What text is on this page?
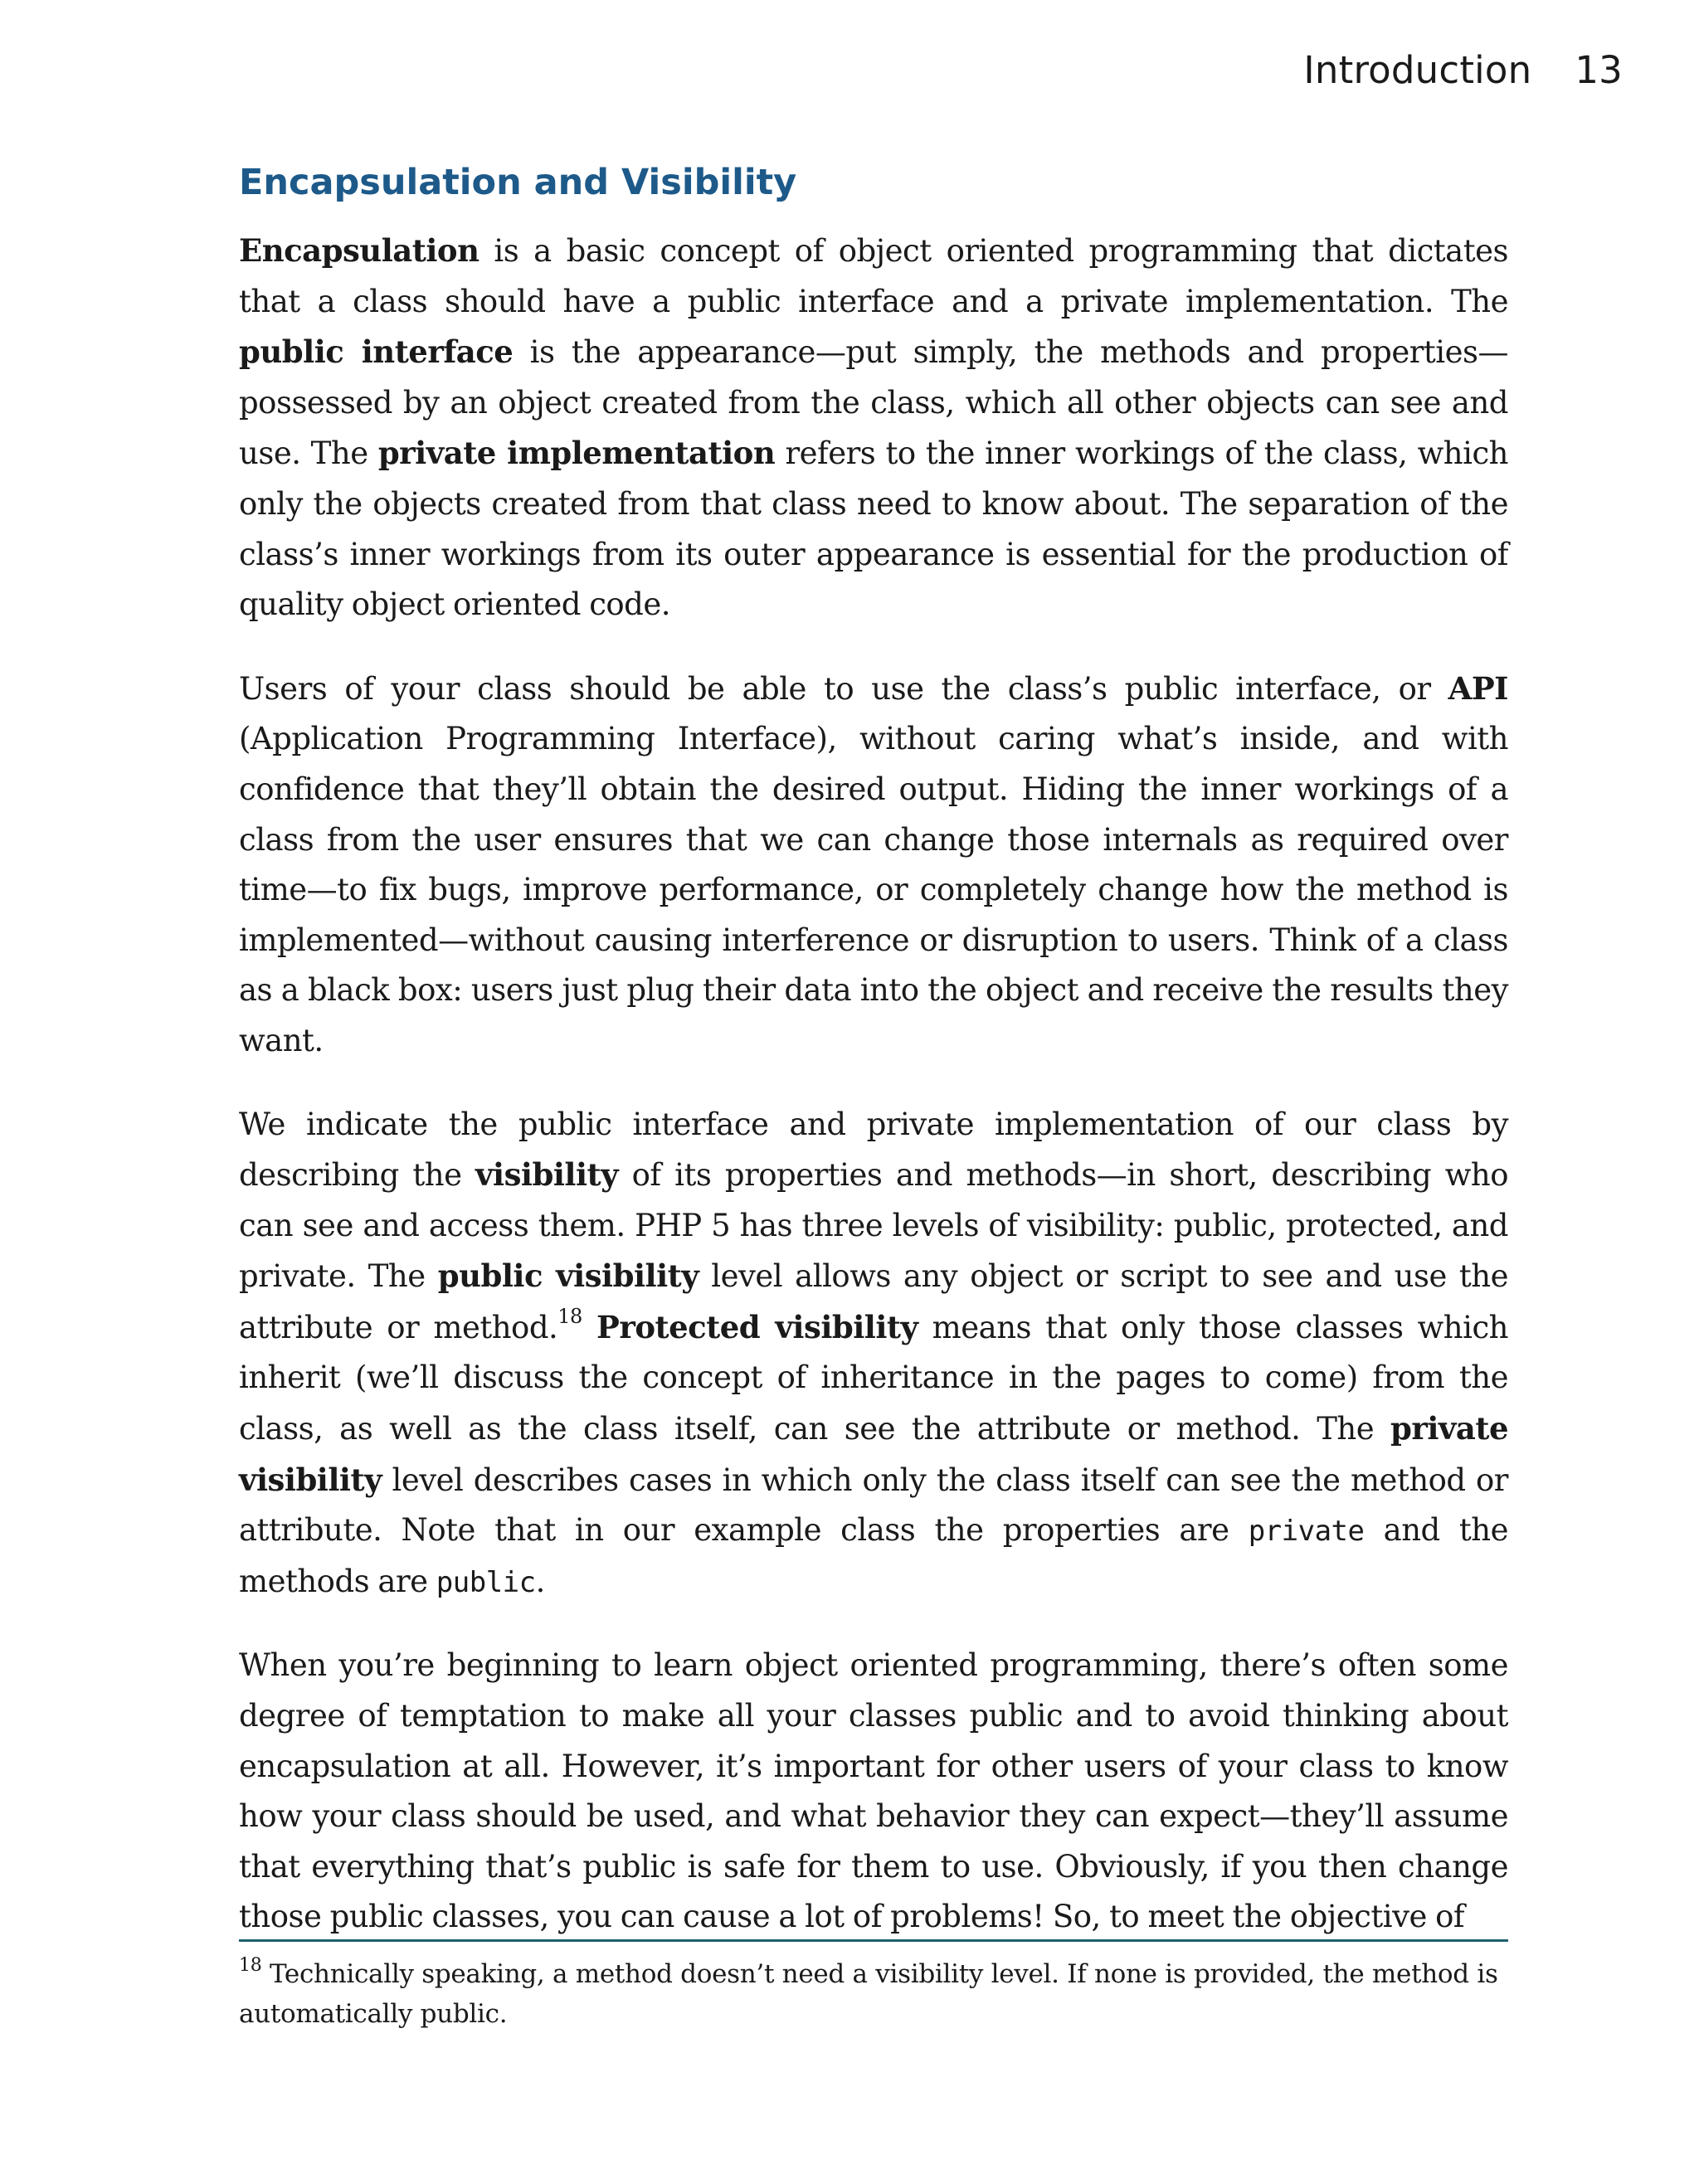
Introduction 13
Encapsulation and Visibility

Encapsulation is a basic concept of object oriented programming that dictates that a class should have a public interface and a private implementation. The public interface is the appearance—put simply, the methods and properties—possessed by an object created from the class, which all other objects can see and use. The private implementation refers to the inner workings of the class, which only the objects created from that class need to know about. The separation of the class’s inner workings from its outer appearance is essential for the production of quality object oriented code.

Users of your class should be able to use the class’s public interface, or API (Application Programming Interface), without caring what’s inside, and with confidence that they’ll obtain the desired output. Hiding the inner workings of a class from the user ensures that we can change those internals as required over time—to fix bugs, improve performance, or completely change how the method is implemented—without causing interference or disruption to users. Think of a class as a black box: users just plug their data into the object and receive the results they want.

We indicate the public interface and private implementation of our class by describing the visibility of its properties and methods—in short, describing who can see and access them. PHP 5 has three levels of visibility: public, protected, and private. The public visibility level allows any object or script to see and use the attribute or method.$^{18}$ Protected visibility means that only those classes which inherit (we’ll discuss the concept of inheritance in the pages to come) from the class, as well as the class itself, can see the attribute or method. The private visibility level describes cases in which only the class itself can see the method or attribute. Note that in our example class the properties are private and the methods are public.

When you’re beginning to learn object oriented programming, there’s often some degree of temptation to make all your classes public and to avoid thinking about encapsulation at all. However, it’s important for other users of your class to know how your class should be used, and what behavior they can expect—they’ll assume that everything that’s public is safe for them to use. Obviously, if you then change those public classes, you can cause a lot of problems! So, to meet the objective of

$^{18}$ Technically speaking, a method doesn’t need a visibility level. If none is provided, the method is automatically public.
